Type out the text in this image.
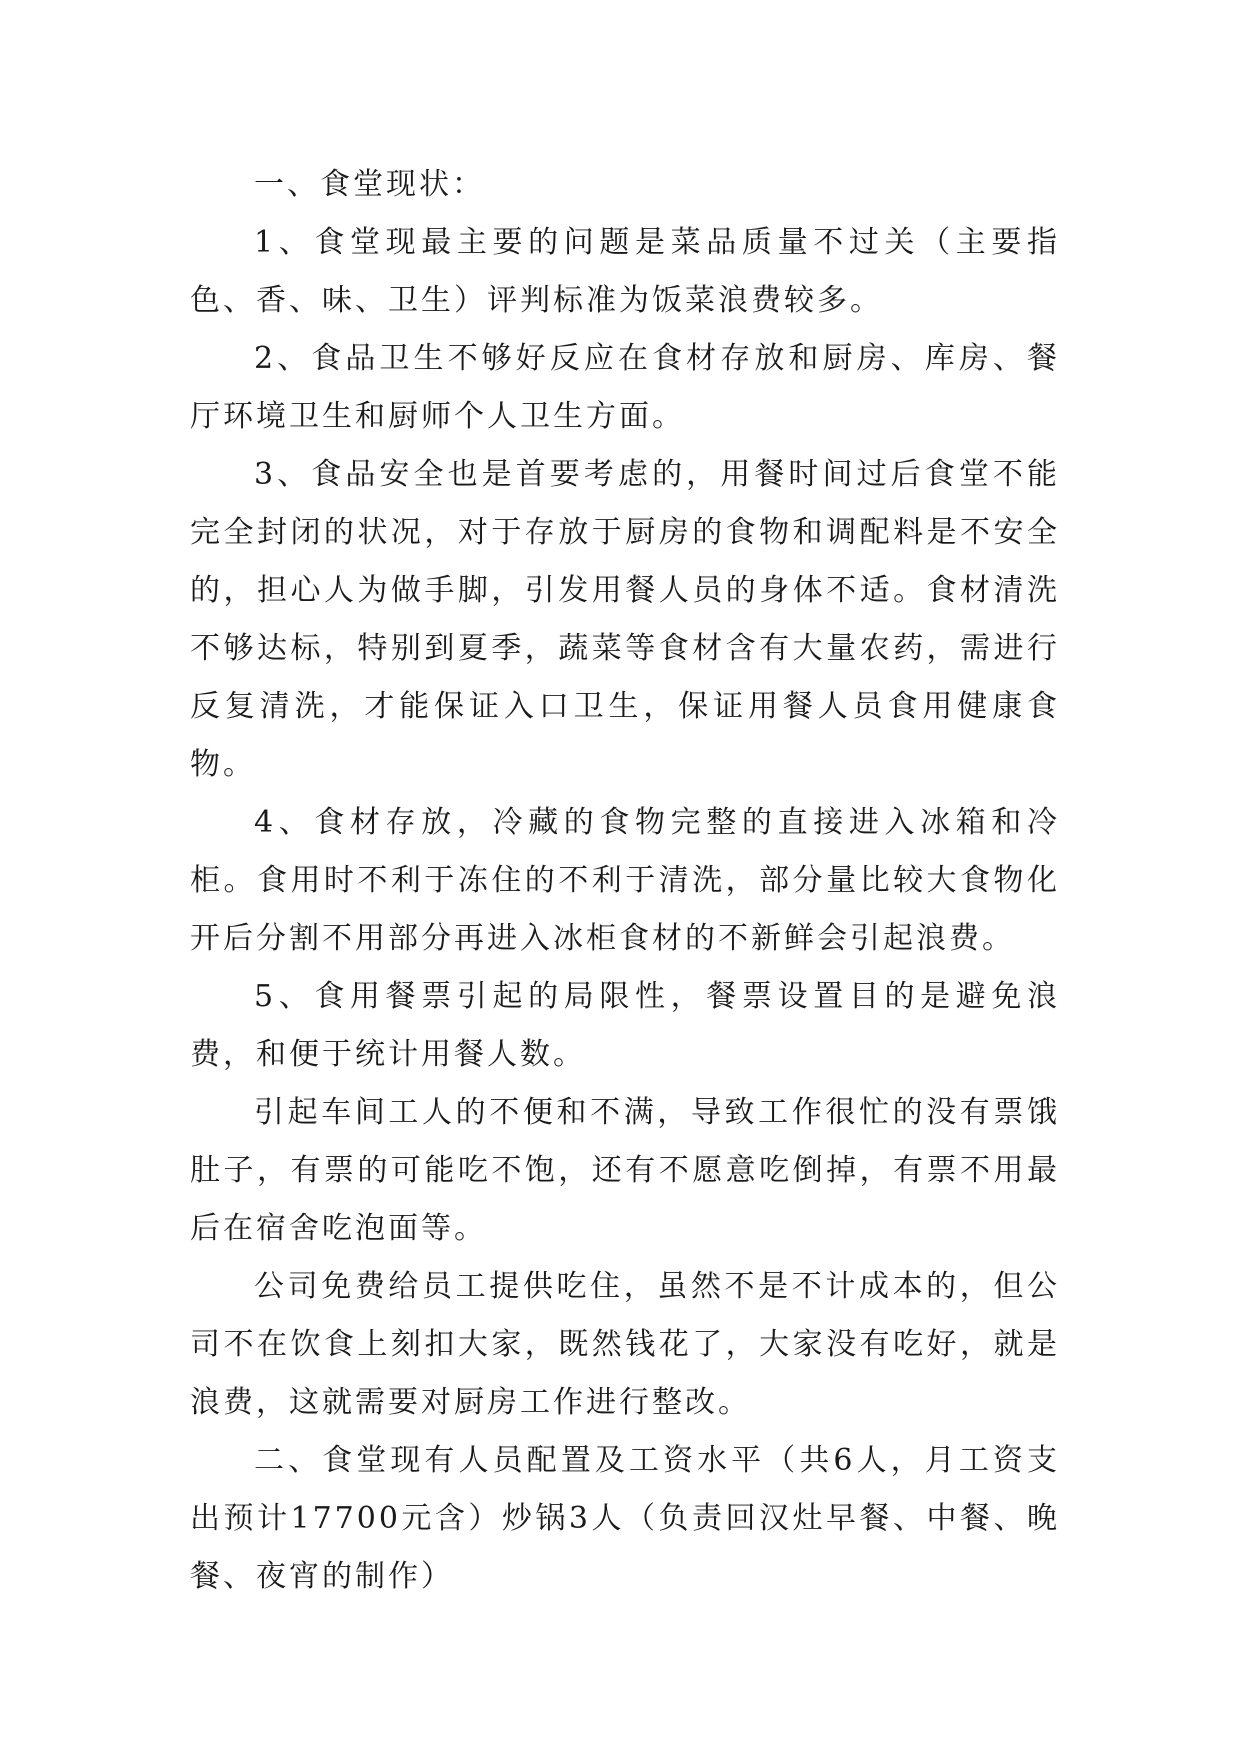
一、食堂现状：

1、食堂现最主要的问题是菜品质量不过关（主要指色、香、味、卫生）评判标准为饭菜浪费较多。

2、食品卫生不够好反应在食材存放和厨房、库房、餐厅环境卫生和厨师个人卫生方面。

3、食品安全也是首要考虑的，用餐时间过后食堂不能完全封闭的状况，对于存放于厨房的食物和调配料是不安全的，担心人为做手脚，引发用餐人员的身体不适。食材清洗不够达标，特别到夏季，蔬菜等食材含有大量农药，需进行反复清洗，才能保证入口卫生，保证用餐人员食用健康食物。

4、食材存放，冷藏的食物完整的直接进入冰箱和冷柜。食用时不利于冻住的不利于清洗，部分量比较大食物化开后分割不用部分再进入冰柜食材的不新鲜会引起浪费。

5、食用餐票引起的局限性，餐票设置目的是避免浪费，和便于统计用餐人数。

引起车间工人的不便和不满，导致工作很忙的没有票饿肚子，有票的可能吃不饱，还有不愿意吃倒掉，有票不用最后在宿舍吃泡面等。

公司免费给员工提供吃住，虽然不是不计成本的，但公司不在饮食上刻扣大家，既然钱花了，大家没有吃好，就是浪费，这就需要对厨房工作进行整改。

二、食堂现有人员配置及工资水平（共6人，月工资支出预计17700元含）炒锅3人（负责回汉灶早餐、中餐、晚餐、夜宵的制作）
